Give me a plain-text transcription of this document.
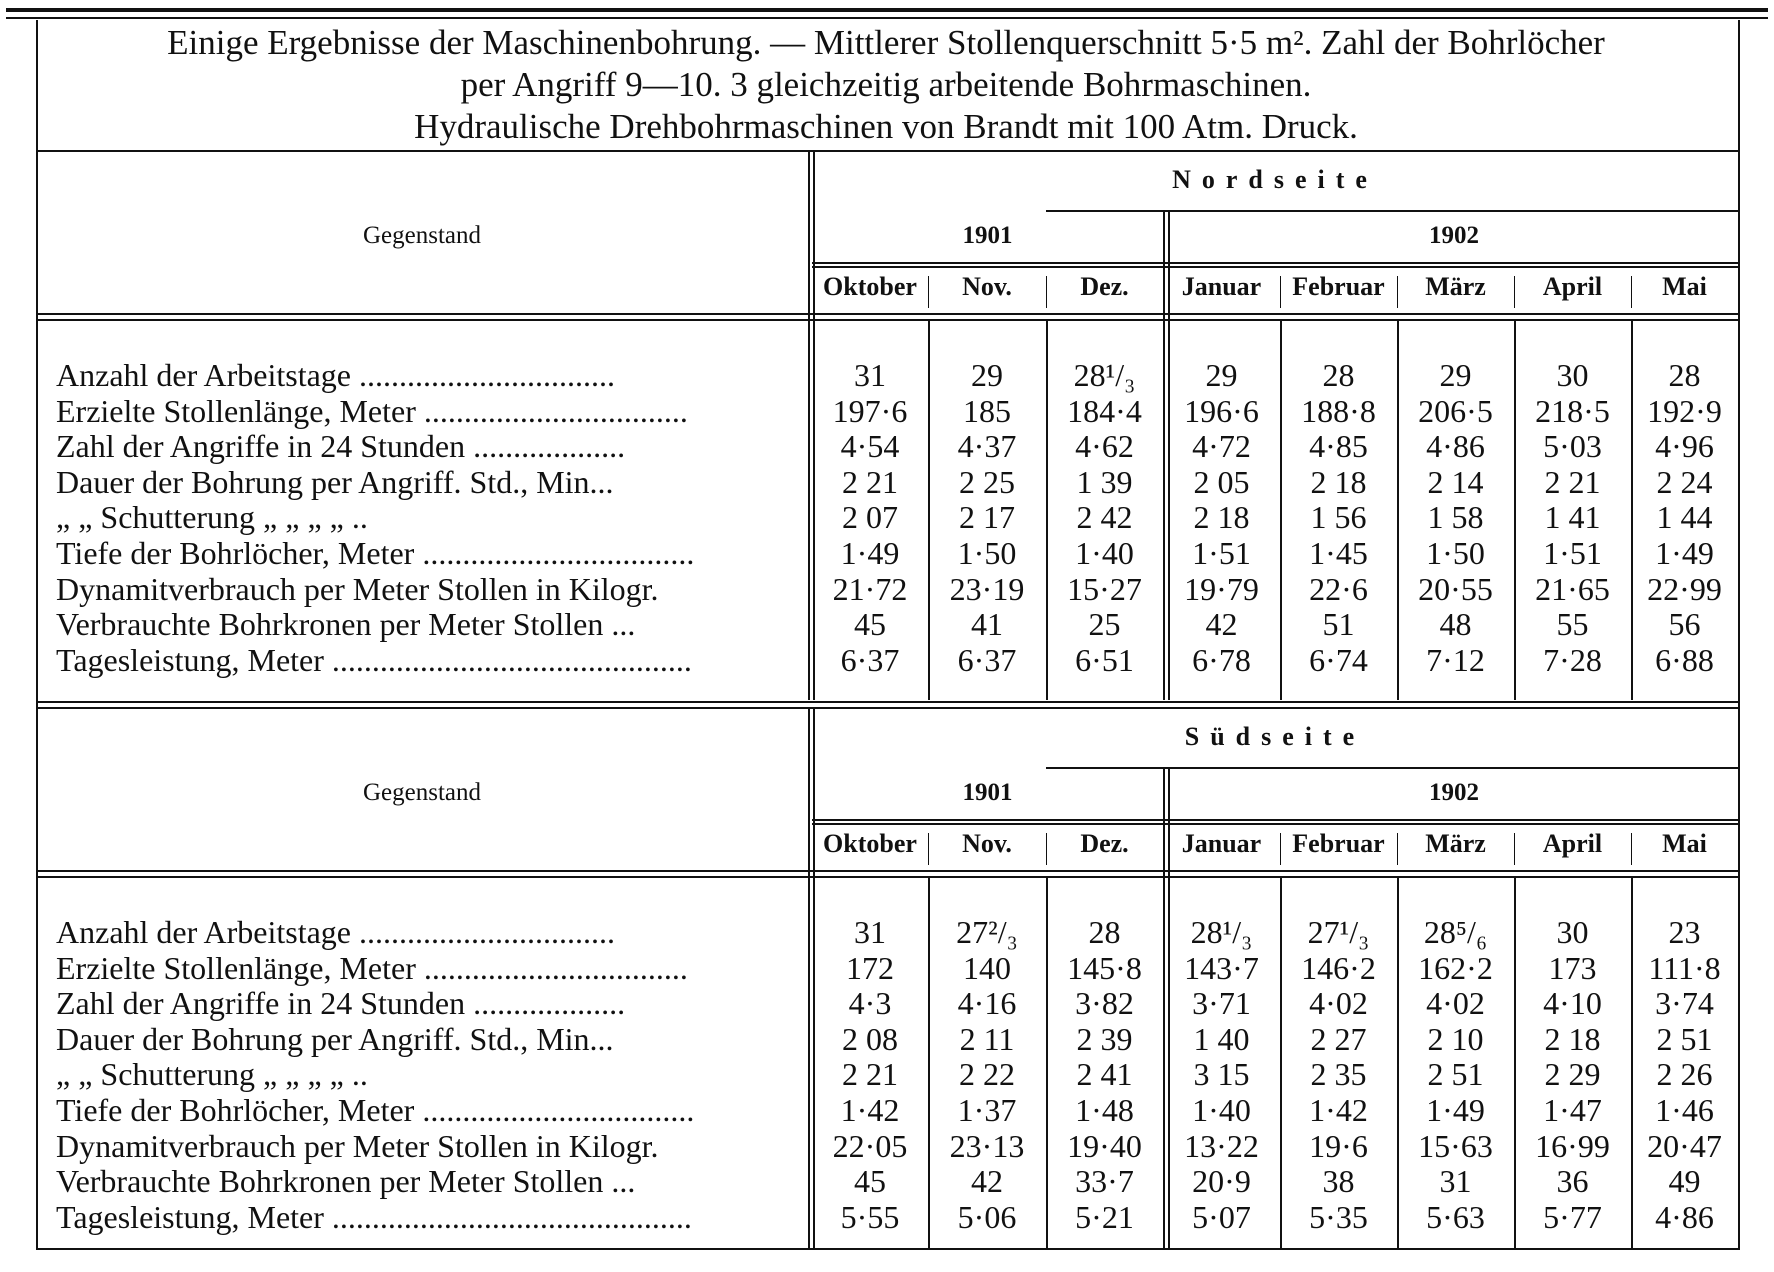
Einige Ergebnisse der Maschinenbohrung. — Mittlerer Stollenquerschnitt 5·5 m². Zahl der Bohrlöcher
per Angriff 9—10. 3 gleichzeitig arbeitende Bohrmaschinen.
Hydraulische Drehbohrmaschinen von Brandt mit 100 Atm. Druck.
Gegenstand
Nordseite
1901	1902
Oktober	Nov.	Dez.	Januar	Februar	März	April	Mai
Anzahl der Arbeitstage ................................	31	29	28¹/₃	29	28	29	30	28
Erzielte Stollenlänge, Meter .................................	197·6	185	184·4	196·6	188·8	206·5	218·5	192·9
Zahl der Angriffe in 24 Stunden ...................	4·54	4·37	4·62	4·72	4·85	4·86	5·03	4·96
Dauer der Bohrung per Angriff. Std., Min...	2 21	2 25	1 39	2 05	2 18	2 14	2 21	2 24
„ „ Schutterung „ „ „ „ ..	2 07	2 17	2 42	2 18	1 56	1 58	1 41	1 44
Tiefe der Bohrlöcher, Meter ..................................	1·49	1·50	1·40	1·51	1·45	1·50	1·51	1·49
Dynamitverbrauch per Meter Stollen in Kilogr.	21·72	23·19	15·27	19·79	22·6	20·55	21·65	22·99
Verbrauchte Bohrkronen per Meter Stollen ...	45	41	25	42	51	48	55	56
Tagesleistung, Meter .............................................	6·37	6·37	6·51	6·78	6·74	7·12	7·28	6·88
Gegenstand
Südseite
1901	1902
Oktober	Nov.	Dez.	Januar	Februar	März	April	Mai
Anzahl der Arbeitstage ................................	31	27²/₃	28	28¹/₃	27¹/₃	28⁵/₆	30	23
Erzielte Stollenlänge, Meter .................................	172	140	145·8	143·7	146·2	162·2	173	111·8
Zahl der Angriffe in 24 Stunden ...................	4·3	4·16	3·82	3·71	4·02	4·02	4·10	3·74
Dauer der Bohrung per Angriff. Std., Min...	2 08	2 11	2 39	1 40	2 27	2 10	2 18	2 51
„ „ Schutterung „ „ „ „ ..	2 21	2 22	2 41	3 15	2 35	2 51	2 29	2 26
Tiefe der Bohrlöcher, Meter ..................................	1·42	1·37	1·48	1·40	1·42	1·49	1·47	1·46
Dynamitverbrauch per Meter Stollen in Kilogr.	22·05	23·13	19·40	13·22	19·6	15·63	16·99	20·47
Verbrauchte Bohrkronen per Meter Stollen ...	45	42	33·7	20·9	38	31	36	49
Tagesleistung, Meter .............................................	5·55	5·06	5·21	5·07	5·35	5·63	5·77	4·86
